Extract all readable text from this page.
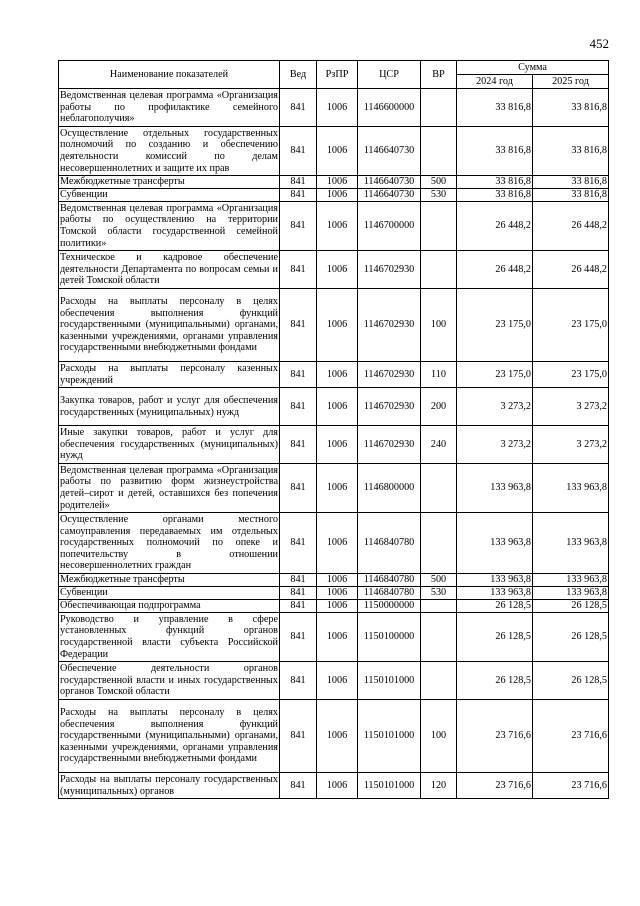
452
Наименование показателей	Вед	РзПР	ЦСР	ВР	Сумма	
					2024 год	2025 год
Ведомственная целевая программа «Организация работы по профилактике семейного неблагополучия»	841	1006	1146600000		33 816,8	33 816,8
Осуществление отдельных государственных полномочий по созданию и обеспечению деятельности комиссий по делам несовершеннолетних и защите их прав	841	1006	1146640730		33 816,8	33 816,8
Межбюджетные трансферты	841	1006	1146640730	500	33 816,8	33 816,8
Субвенции	841	1006	1146640730	530	33 816,8	33 816,8
Ведомственная целевая программа «Организация работы по осуществлению на территории Томской области государственной семейной политики»	841	1006	1146700000		26 448,2	26 448,2
Техническое и кадровое обеспечение деятельности Департамента по вопросам семьи и детей Томской области	841	1006	1146702930		26 448,2	26 448,2
Расходы на выплаты персоналу в целях обеспечения выполнения функций государственными (муниципальными) органами, казенными учреждениями, органами управления государственными внебюджетными фондами	841	1006	1146702930	100	23 175,0	23 175,0
Расходы на выплаты персоналу казенных учреждений	841	1006	1146702930	110	23 175,0	23 175,0
Закупка товаров, работ и услуг для обеспечения государственных (муниципальных) нужд	841	1006	1146702930	200	3 273,2	3 273,2
Иные закупки товаров, работ и услуг для обеспечения государственных (муниципальных) нужд	841	1006	1146702930	240	3 273,2	3 273,2
Ведомственная целевая программа «Организация работы по развитию форм жизнеустройства детей–сирот и детей, оставшихся без попечения родителей»	841	1006	1146800000		133 963,8	133 963,8
Осуществление органами местного самоуправления передаваемых им отдельных государственных полномочий по опеке и попечительству в отношении несовершеннолетних граждан	841	1006	1146840780		133 963,8	133 963,8
Межбюджетные трансферты	841	1006	1146840780	500	133 963,8	133 963,8
Субвенции	841	1006	1146840780	530	133 963,8	133 963,8
Обеспечивающая подпрограмма	841	1006	1150000000		26 128,5	26 128,5
Руководство и управление в сфере установленных функций органов государственной власти субъекта Российской Федерации	841	1006	1150100000		26 128,5	26 128,5
Обеспечение деятельности органов государственной власти и иных государственных органов Томской области	841	1006	1150101000		26 128,5	26 128,5
Расходы на выплаты персоналу в целях обеспечения выполнения функций государственными (муниципальными) органами, казенными учреждениями, органами управления государственными внебюджетными фондами	841	1006	1150101000	100	23 716,6	23 716,6
Расходы на выплаты персоналу государственных (муниципальных) органов	841	1006	1150101000	120	23 716,6	23 716,6
